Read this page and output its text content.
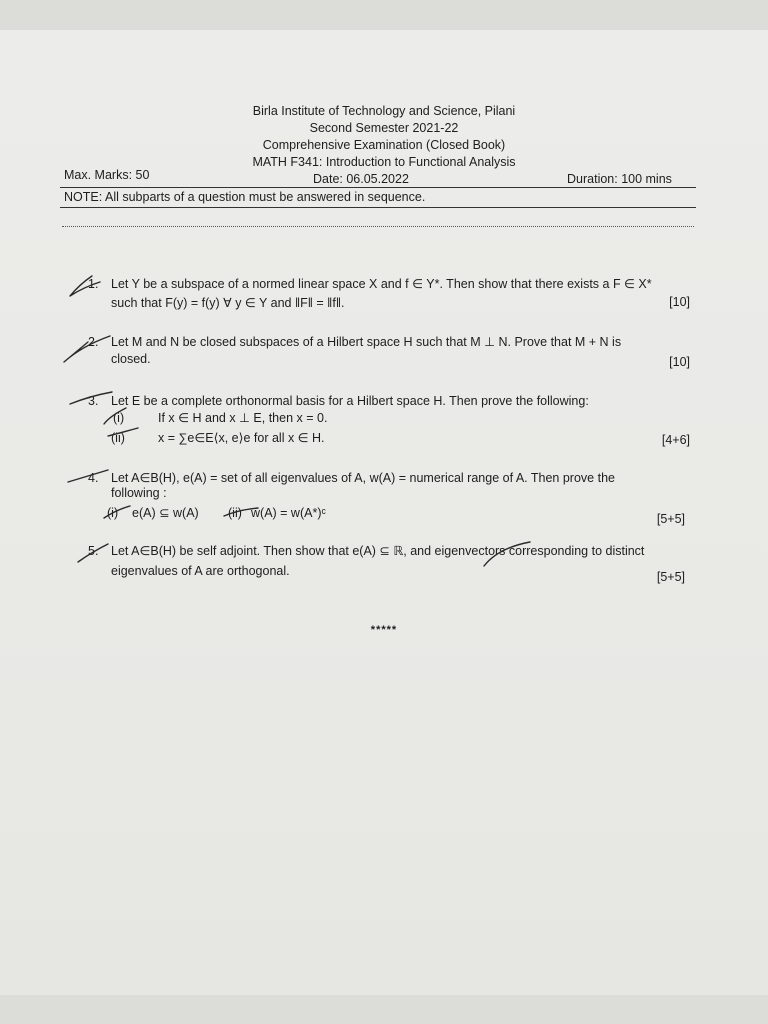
Birla Institute of Technology and Science, Pilani
Second Semester 2021-22
Comprehensive Examination (Closed Book)
MATH F341: Introduction to Functional Analysis
Max. Marks: 50	Date: 06.05.2022	Duration: 100 mins
NOTE: All subparts of a question must be answered in sequence.
1. Let Y be a subspace of a normed linear space X and f ∈ Y*. Then show that there exists a F ∈ X*
such that F(y) = f(y) ∀ y ∈ Y and ‖F‖ = ‖f‖.	[10]
2. Let M and N be closed subspaces of a Hilbert space H such that M ⊥ N. Prove that M + N is
closed.	[10]
3. Let E be a complete orthonormal basis for a Hilbert space H. Then prove the following:
(i)	If x ∈ H and x ⊥ E, then x = 0.
(ii)	x = ∑e∈E⟨x, e⟩e for all x ∈ H.	[4+6]
4. Let A∈B(H), e(A) = set of all eigenvalues of A, w(A) = numerical range of A. Then prove the
following :
(i) e(A) ⊆ w(A) (ii) w(A) = w(A*)ᶜ	[5+5]
5. Let A∈B(H) be self adjoint. Then show that e(A) ⊆ ℝ, and eigenvectors corresponding to distinct
eigenvalues of A are orthogonal.	[5+5]
*****
